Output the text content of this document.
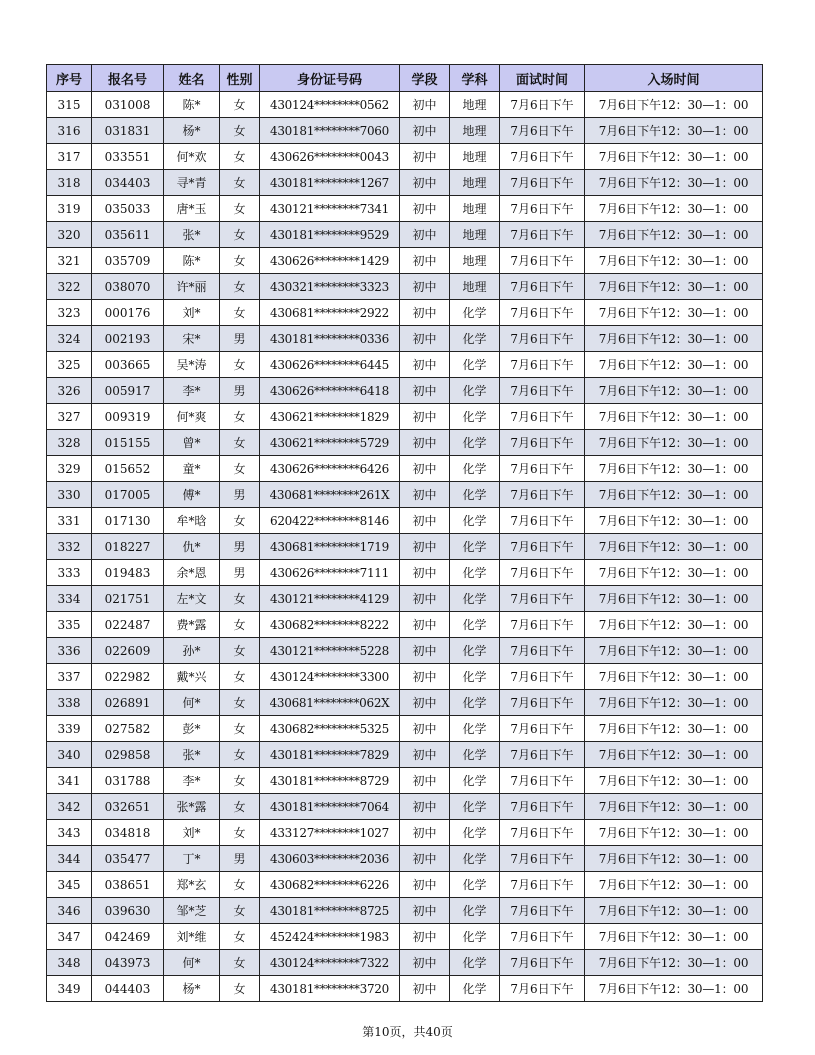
序号	报名号	姓名	性别	身份证号码	学段	学科	面试时间	入场时间
315	031008	陈*	女	430124********0562	初中	地理	7月6日下午	7月6日下午12：30—1：00
316	031831	杨*	女	430181********7060	初中	地理	7月6日下午	7月6日下午12：30—1：00
317	033551	何*欢	女	430626********0043	初中	地理	7月6日下午	7月6日下午12：30—1：00
318	034403	寻*青	女	430181********1267	初中	地理	7月6日下午	7月6日下午12：30—1：00
319	035033	唐*玉	女	430121********7341	初中	地理	7月6日下午	7月6日下午12：30—1：00
320	035611	张*	女	430181********9529	初中	地理	7月6日下午	7月6日下午12：30—1：00
321	035709	陈*	女	430626********1429	初中	地理	7月6日下午	7月6日下午12：30—1：00
322	038070	许*丽	女	430321********3323	初中	地理	7月6日下午	7月6日下午12：30—1：00
323	000176	刘*	女	430681********2922	初中	化学	7月6日下午	7月6日下午12：30—1：00
324	002193	宋*	男	430181********0336	初中	化学	7月6日下午	7月6日下午12：30—1：00
325	003665	吴*涛	女	430626********6445	初中	化学	7月6日下午	7月6日下午12：30—1：00
326	005917	李*	男	430626********6418	初中	化学	7月6日下午	7月6日下午12：30—1：00
327	009319	何*爽	女	430621********1829	初中	化学	7月6日下午	7月6日下午12：30—1：00
328	015155	曾*	女	430621********5729	初中	化学	7月6日下午	7月6日下午12：30—1：00
329	015652	童*	女	430626********6426	初中	化学	7月6日下午	7月6日下午12：30—1：00
330	017005	傅*	男	430681********261X	初中	化学	7月6日下午	7月6日下午12：30—1：00
331	017130	牟*晗	女	620422********8146	初中	化学	7月6日下午	7月6日下午12：30—1：00
332	018227	仇*	男	430681********1719	初中	化学	7月6日下午	7月6日下午12：30—1：00
333	019483	余*恩	男	430626********7111	初中	化学	7月6日下午	7月6日下午12：30—1：00
334	021751	左*文	女	430121********4129	初中	化学	7月6日下午	7月6日下午12：30—1：00
335	022487	费*露	女	430682********8222	初中	化学	7月6日下午	7月6日下午12：30—1：00
336	022609	孙*	女	430121********5228	初中	化学	7月6日下午	7月6日下午12：30—1：00
337	022982	戴*兴	女	430124********3300	初中	化学	7月6日下午	7月6日下午12：30—1：00
338	026891	何*	女	430681********062X	初中	化学	7月6日下午	7月6日下午12：30—1：00
339	027582	彭*	女	430682********5325	初中	化学	7月6日下午	7月6日下午12：30—1：00
340	029858	张*	女	430181********7829	初中	化学	7月6日下午	7月6日下午12：30—1：00
341	031788	李*	女	430181********8729	初中	化学	7月6日下午	7月6日下午12：30—1：00
342	032651	张*露	女	430181********7064	初中	化学	7月6日下午	7月6日下午12：30—1：00
343	034818	刘*	女	433127********1027	初中	化学	7月6日下午	7月6日下午12：30—1：00
344	035477	丁*	男	430603********2036	初中	化学	7月6日下午	7月6日下午12：30—1：00
345	038651	郑*玄	女	430682********6226	初中	化学	7月6日下午	7月6日下午12：30—1：00
346	039630	邹*芝	女	430181********8725	初中	化学	7月6日下午	7月6日下午12：30—1：00
347	042469	刘*维	女	452424********1983	初中	化学	7月6日下午	7月6日下午12：30—1：00
348	043973	何*	女	430124********7322	初中	化学	7月6日下午	7月6日下午12：30—1：00
349	044403	杨*	女	430181********3720	初中	化学	7月6日下午	7月6日下午12：30—1：00
第10页，共40页
